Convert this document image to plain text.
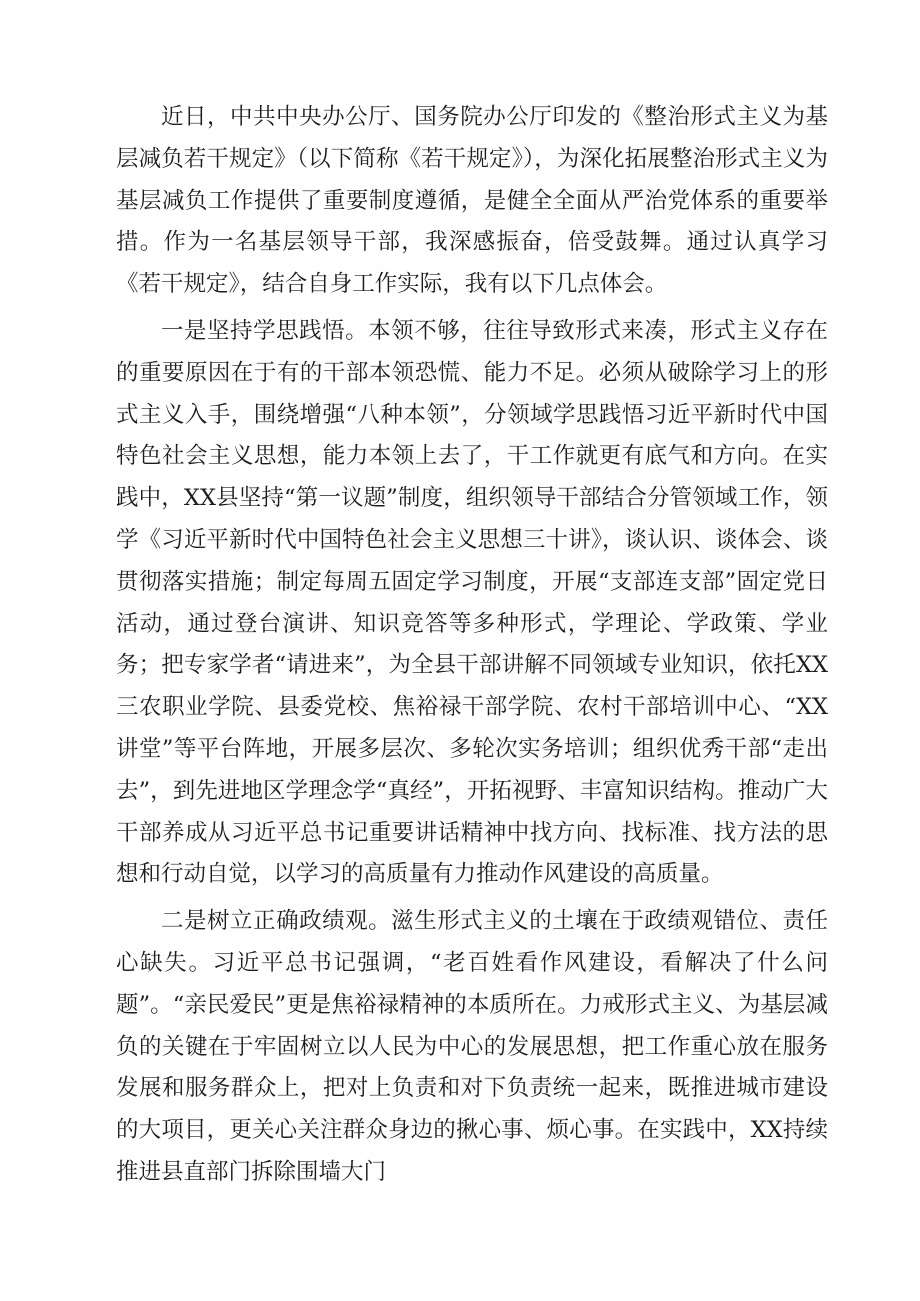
近日，中共中央办公厅、国务院办公厅印发的《整治形式主义为基层减负若干规定》（以下简称《若干规定》），为深化拓展整治形式主义为基层减负工作提供了重要制度遵循，是健全全面从严治党体系的重要举措。作为一名基层领导干部，我深感振奋，倍受鼓舞。通过认真学习《若干规定》，结合自身工作实际，我有以下几点体会。

一是坚持学思践悟。本领不够，往往导致形式来凑，形式主义存在的重要原因在于有的干部本领恐慌、能力不足。必须从破除学习上的形式主义入手，围绕增强“八种本领”，分领域学思践悟习近平新时代中国特色社会主义思想，能力本领上去了，干工作就更有底气和方向。在实践中，XX县坚持“第一议题”制度，组织领导干部结合分管领域工作，领学《习近平新时代中国特色社会主义思想三十讲》，谈认识、谈体会、谈贯彻落实措施；制定每周五固定学习制度，开展“支部连支部”固定党日活动，通过登台演讲、知识竞答等多种形式，学理论、学政策、学业务；把专家学者“请进来”，为全县干部讲解不同领域专业知识，依托XX三农职业学院、县委党校、焦裕禄干部学院、农村干部培训中心、“XX讲堂”等平台阵地，开展多层次、多轮次实务培训；组织优秀干部“走出去”，到先进地区学理念学“真经”，开拓视野、丰富知识结构。推动广大干部养成从习近平总书记重要讲话精神中找方向、找标准、找方法的思想和行动自觉，以学习的高质量有力推动作风建设的高质量。

二是树立正确政绩观。滋生形式主义的土壤在于政绩观错位、责任心缺失。习近平总书记强调，“老百姓看作风建设，看解决了什么问题”。“亲民爱民”更是焦裕禄精神的本质所在。力戒形式主义、为基层减负的关键在于牢固树立以人民为中心的发展思想，把工作重心放在服务发展和服务群众上，把对上负责和对下负责统一起来，既推进城市建设的大项目，更关心关注群众身边的揪心事、烦心事。在实践中，XX持续推进县直部门拆除围墙大门
